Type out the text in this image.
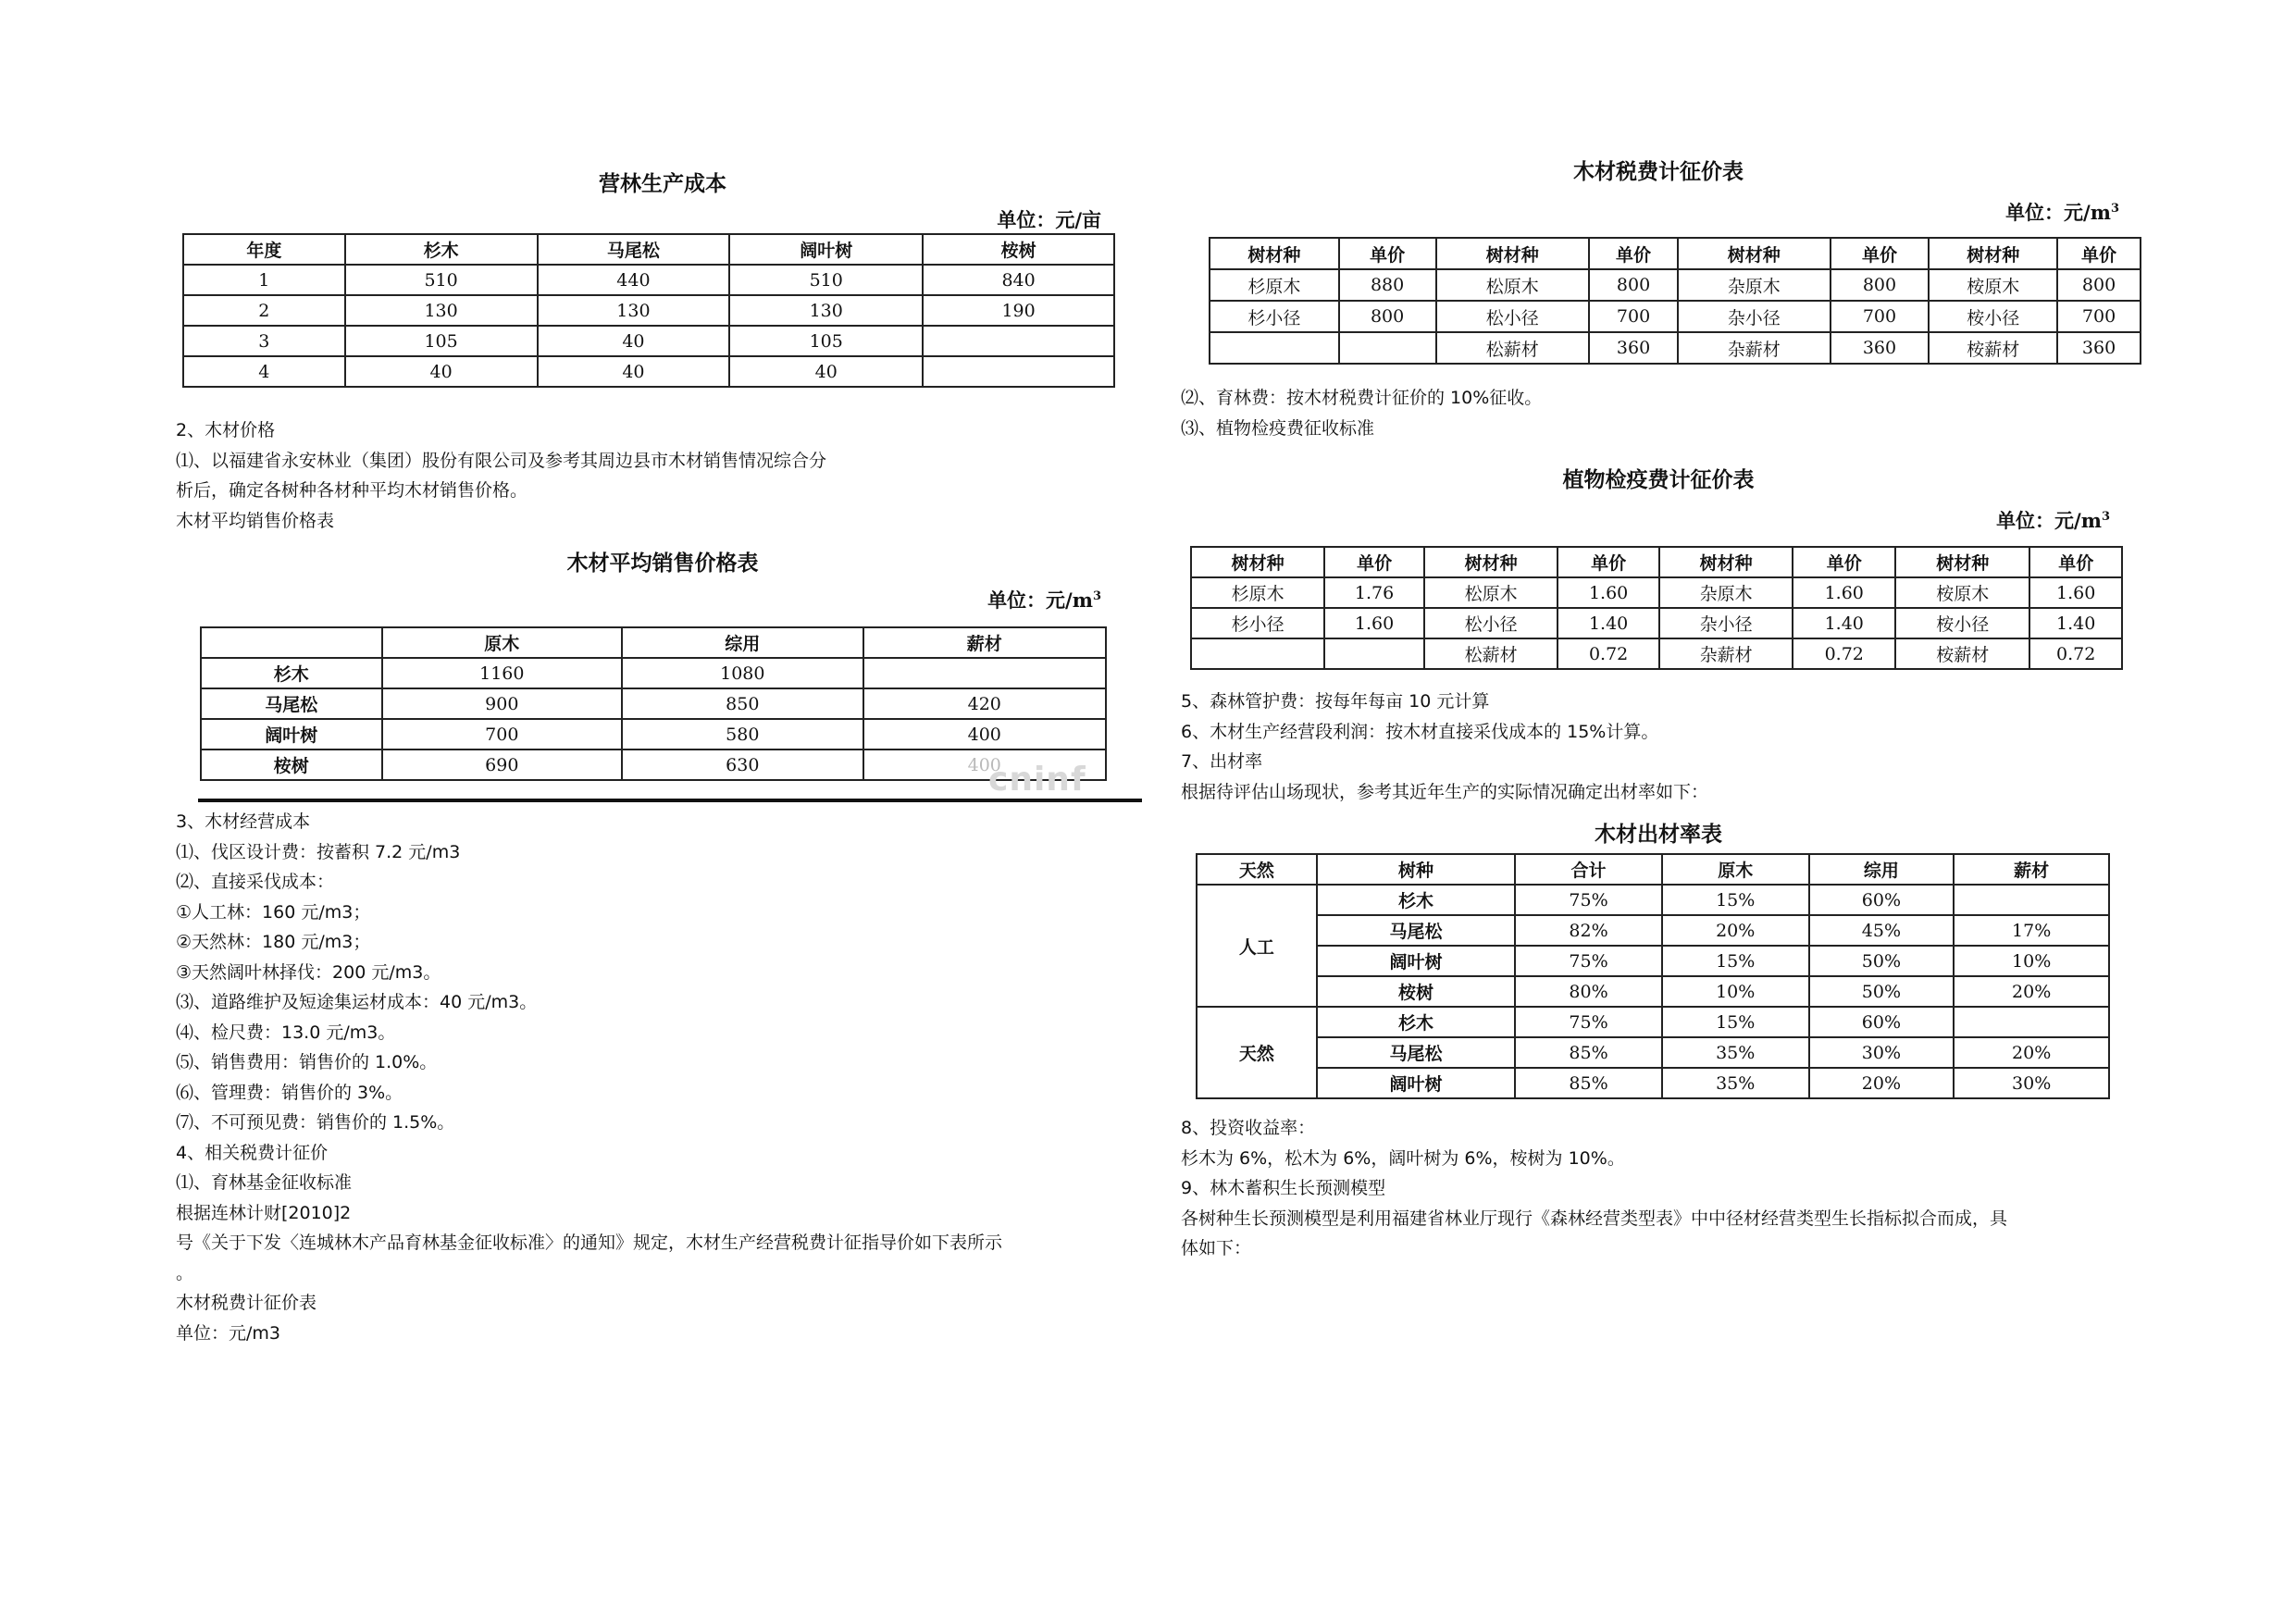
营林生产成本
单位：元/亩
年度	杉木	马尾松	阔叶树	桉树
1	510	440	510	840
2	130	130	130	190
3	105	40	105	
4	40	40	40	

2、木材价格

⑴、以福建省永安林业（集团）股份有限公司及参考其周边县市木材销售情况综合分

析后，确定各树种各材种平均木材销售价格。

木材平均销售价格表

木材平均销售价格表
单位：元$/m^3$
	原木	综用	薪材
杉木	1160	1080	
马尾松	900	850	420
阔叶树	700	580	400
桉树	690	630	400
cninf

3、木材经营成本

⑴、伐区设计费：按蓄积 7.2 元/m3

⑵、直接采伐成本：

①人工林：160 元/m3；

②天然林：180 元/m3；

③天然阔叶林择伐：200 元/m3。

⑶、道路维护及短途集运材成本：40 元/m3。

⑷、检尺费：13.0 元/m3。

⑸、销售费用：销售价的 1.0%。

⑹、管理费：销售价的 3%。

⑺、不可预见费：销售价的 1.5%。

4、相关税费计征价

⑴、育林基金征收标准

根据连林计财[2010]2

号《关于下发〈连城林木产品育林基金征收标准〉的通知》规定，木材生产经营税费计征指导价如下表所示

。

木材税费计征价表

单位：元/m3

木材税费计征价表
单位：元$/m^3$
树材种	单价	树材种	单价	树材种	单价	树材种	单价
杉原木	880	松原木	800	杂原木	800	桉原木	800
杉小径	800	松小径	700	杂小径	700	桉小径	700
		松薪材	360	杂薪材	360	桉薪材	360

⑵、育林费：按木材税费计征价的 10%征收。

⑶、植物检疫费征收标准

植物检疫费计征价表
单位：元$/m^3$
树材种	单价	树材种	单价	树材种	单价	树材种	单价
杉原木	1.76	松原木	1.60	杂原木	1.60	桉原木	1.60
杉小径	1.60	松小径	1.40	杂小径	1.40	桉小径	1.40
		松薪材	0.72	杂薪材	0.72	桉薪材	0.72

5、森林管护费：按每年每亩 10 元计算

6、木材生产经营段利润：按木材直接采伐成本的 15%计算。

7、出材率

根据待评估山场现状，参考其近年生产的实际情况确定出材率如下：

木材出材率表
天然	树种	合计	原木	综用	薪材
人工	杉木	75%	15%	60%	
	马尾松	82%	20%	45%	17%
	阔叶树	75%	15%	50%	10%
	桉树	80%	10%	50%	20%
天然	杉木	75%	15%	60%	
	马尾松	85%	35%	30%	20%
	阔叶树	85%	35%	20%	30%

8、投资收益率：

杉木为 6%，松木为 6%，阔叶树为 6%，桉树为 10%。

9、林木蓄积生长预测模型

各树种生长预测模型是利用福建省林业厅现行《森林经营类型表》中中径材经营类型生长指标拟合而成，具

体如下：
